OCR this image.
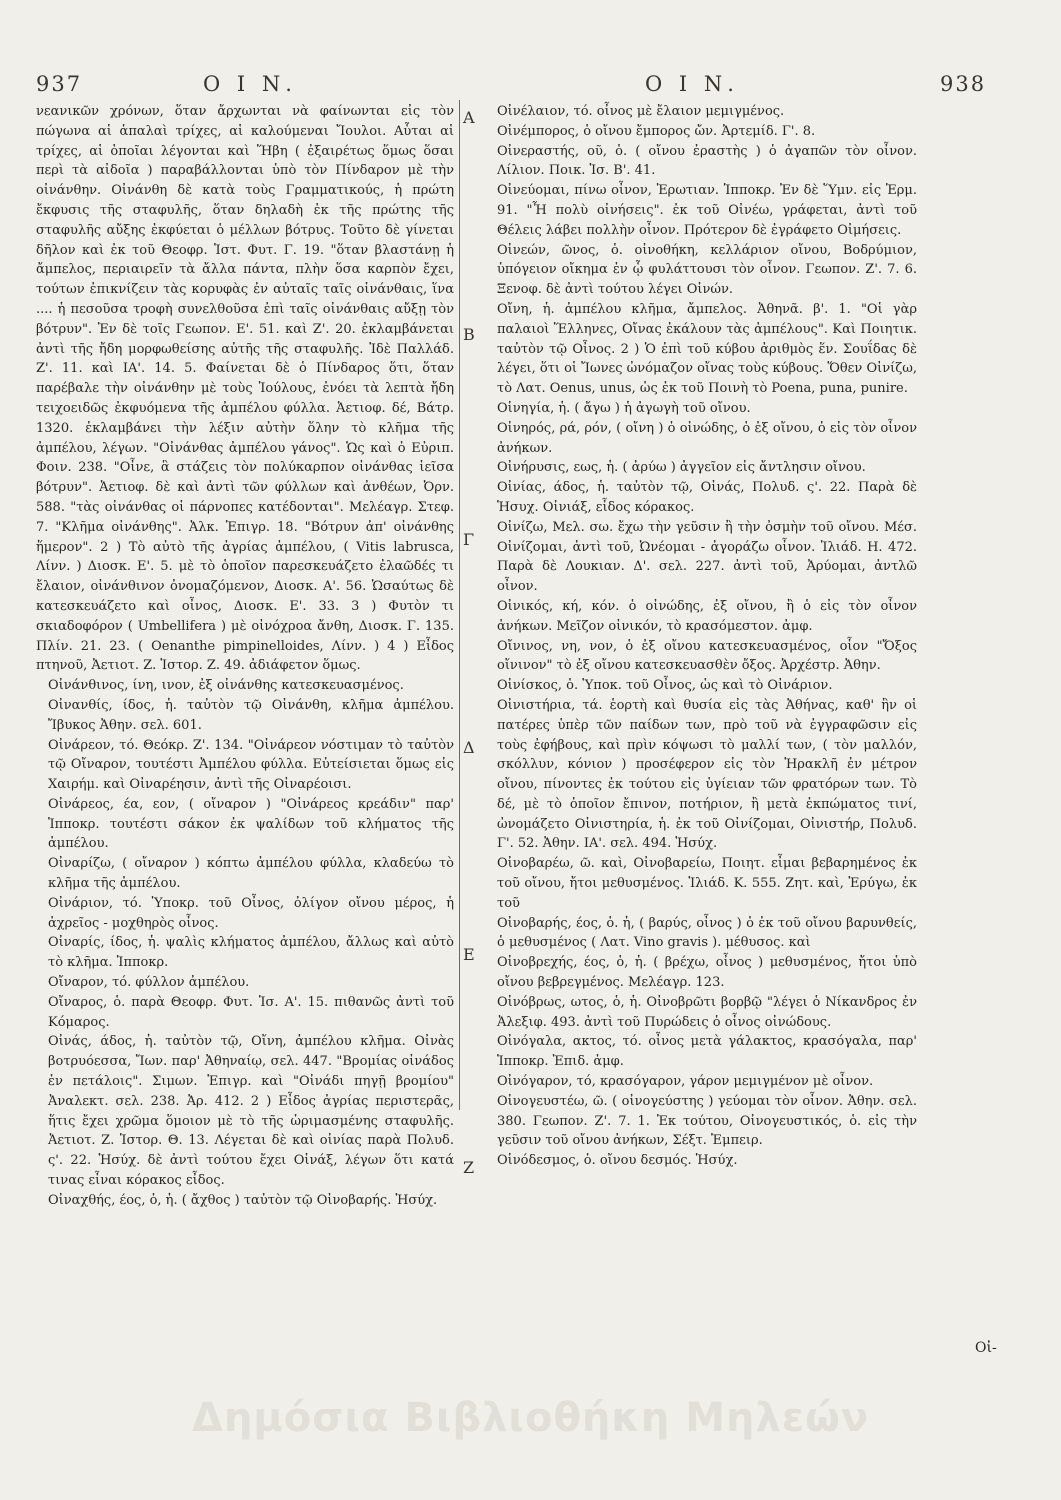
937	Ο Ι Ν.	Ο Ι Ν.	938

νεανικῶν χρόνων, ὅταν ἄρχωνται νὰ φαίνωνται εἰς τὸν πώγωνα αἱ ἁπαλαὶ τρίχες, αἱ καλούμεναι Ἴουλοι. Αὗται αἱ τρίχες, αἱ ὁποῖαι λέγονται καὶ Ἥβη ( ἐξαιρέτως ὅμως ὅσαι περὶ τὰ αἰδοῖα ) παραβάλλονται ὑπὸ τὸν Πίνδαρον μὲ τὴν οἰνάνθην. Οἰνάνθη δὲ κατὰ τοὺς Γραμματικούς, ἡ πρώτη ἔκφυσις τῆς σταφυλῆς, ὅταν δηλαδὴ ἐκ τῆς πρώτης τῆς σταφυλῆς αὔξης ἐκφύεται ὁ μέλλων βότρυς. Τοῦτο δὲ γίνεται δῆλον καὶ ἐκ τοῦ Θεοφρ. Ἱστ. Φυτ. Γ. 19. "ὅταν βλαστάνῃ ἡ ἄμπελος, περιαιρεῖν τὰ ἄλλα πάντα, πλὴν ὅσα καρπὸν ἔχει, τούτων ἐπικνίζειν τὰς κορυφὰς ἐν αὐταῖς ταῖς οἰνάνθαις, ἵνα .... ἡ πεσοῦσα τροφὴ συνελθοῦσα ἐπὶ ταῖς οἰνάνθαις αὔξῃ τὸν βότρυν". Ἐν δὲ τοῖς Γεωπον. Ε'. 51. καὶ Ζ'. 20. ἐκλαμβάνεται ἀντὶ τῆς ἤδη μορφωθείσης αὐτῆς τῆς σταφυλῆς. Ἰδὲ Παλλάδ. Ζ'. 11. καὶ ΙΑ'. 14. 5. Φαίνεται δὲ ὁ Πίνδαρος ὅτι, ὅταν παρέβαλε τὴν οἰνάνθην μὲ τοὺς Ἰούλους, ἐνόει τὰ λεπτὰ ἤδη τειχοειδῶς ἐκφυόμενα τῆς ἀμπέλου φύλλα. Ἀετιοφ. δέ, Βάτρ. 1320. ἐκλαμβάνει τὴν λέξιν αὐτὴν ὅλην τὸ κλῆμα τῆς ἀμπέλου, λέγων. "Οἰνάνθας ἀμπέλου γάνος". Ὡς καὶ ὁ Εὐριπ. Φοιν. 238. "Οἶνε, ἃ στάζεις τὸν πολύκαρπον οἰνάνθας ἱεῖσα βότρυν". Ἀετιοφ. δὲ καὶ ἀντὶ τῶν φύλλων καὶ ἀνθέων, Ὀρν. 588. "τὰς οἰνάνθας οἱ πάρνοπες κατέδονται". Μελέαγρ. Στεφ. 7. "Κλῆμα οἰνάνθης". Ἀλκ. Ἐπιγρ. 18. "Βότρυν ἀπ' οἰνάνθης ἥμερον". 2 ) Τὸ αὐτὸ τῆς ἀγρίας ἀμπέλου, ( Vitis labrusca, Λίνν. ) Διοσκ. Ε'. 5. μὲ τὸ ὁποῖον παρεσκευάζετο ἐλαῶδές τι ἔλαιον, οἰνάνθινον ὀνομαζόμενον, Διοσκ. Α'. 56. Ὡσαύτως δὲ κατεσκευάζετο καὶ οἶνος, Διοσκ. Ε'. 33. 3 ) Φυτὸν τι σκιαδοφόρον ( Umbellifera ) μὲ οἰνόχροα ἄνθη, Διοσκ. Γ. 135. Πλίν. 21. 23. ( Oenanthe pimpinelloides, Λίνν. ) 4 ) Εἶδος πτηνοῦ, Ἀετιοτ. Ζ. Ἱστορ. Ζ. 49. ἀδιάφετον ὅμως.

Οἰνάνθινος, ίνη, ινον, ἐξ οἰνάνθης κατεσκευασμένος.

Οἰνανθίς, ίδος, ἡ. ταὐτὸν τῷ Οἰνάνθη, κλῆμα ἀμπέλου. Ἴβυκος Ἀθην. σελ. 601.

Οἰνάρεον, τό. Θεόκρ. Ζ'. 134. "Οἰνάρεον νόστιμαν τὸ ταὐτὸν τῷ Οἴναρον, τουτέστι Ἀμπέλου φύλλα. Εὐτείσιεται ὅμως εἰς Χαιρήμ. καὶ Οἰναρέησιν, ἀντὶ τῆς Οἰναρέοισι.

Οἰνάρεος, έα, εον, ( οἴναρον ) "Οἰνάρεος κρεάδιν" παρ' Ἱπποκρ. τουτέστι σάκον ἐκ ψαλίδων τοῦ κλήματος τῆς ἀμπέλου.

Οἰναρίζω, ( οἴναρον ) κόπτω ἀμπέλου φύλλα, κλαδεύω τὸ κλῆμα τῆς ἀμπέλου.

Οἰνάριον, τό. Ὑποκρ. τοῦ Οἶνος, ὀλίγον οἴνου μέρος, ἡ ἀχρεῖος - μοχθηρὸς οἶνος.

Οἰναρίς, ίδος, ἡ. ψαλὶς κλήματος ἀμπέλου, ἄλλως καὶ αὐτὸ τὸ κλῆμα. Ἱπποκρ.

Οἴναρον, τό. φύλλον ἀμπέλου.

Οἴναρος, ὁ. παρὰ Θεοφρ. Φυτ. Ἱσ. Α'. 15. πιθανῶς ἀντὶ τοῦ Κόμαρος.

Οἰνάς, άδος, ἡ. ταὐτὸν τῷ, Οἴνη, ἀμπέλου κλῆμα. Οἰνὰς βοτρυόεσσα, Ἴων. παρ' Ἀθηναίῳ, σελ. 447. "Βρομίας οἰνάδος ἐν πετάλοις". Σιμων. Ἐπιγρ. καὶ "Οἰνάδι πηγῇ βρομίου" Ἀναλεκτ. σελ. 238. Ἀρ. 412. 2 ) Εἶδος ἀγρίας περιστερᾶς, ἥτις ἔχει χρῶμα ὅμοιον μὲ τὸ τῆς ὡριμασμένης σταφυλῆς. Ἀετιοτ. Ζ. Ἱστορ. Θ. 13. Λέγεται δὲ καὶ οἰνίας παρὰ Πολυδ. ς'. 22. Ἡσύχ. δὲ ἀντὶ τούτου ἔχει Οἰνάξ, λέγων ὅτι κατά τινας εἶναι κόρακος εἶδος.

Οἰναχθής, έος, ὁ, ἡ. ( ἄχθος ) ταὐτὸν τῷ Οἰνοβαρής. Ἡσύχ.

Α
Β
Γ
Δ
Ε
Ζ

Οἰνέλαιον, τό. οἶνος μὲ ἔλαιον μεμιγμένος.

Οἰνέμπορος, ὁ οἴνου ἔμπορος ὤν. Ἀρτεμίδ. Γ'. 8.

Οἰνεραστής, οῦ, ὁ. ( οἴνου ἐραστὴς ) ὁ ἀγαπῶν τὸν οἶνον. Λίλιον. Ποικ. Ἱσ. Β'. 41.

Οἰνεύομαι, πίνω οἶνον, Ἐρωτιαν. Ἱπποκρ. Ἐν δὲ Ὕμν. εἰς Ἑρμ. 91. "Ἦ πολὺ οἰνήσεις". ἐκ τοῦ Οἰνέω, γράφεται, ἀντὶ τοῦ Θέλεις λάβει πολλὴν οἶνον. Πρότερον δὲ ἐγράφετο Οἰμήσεις.

Οἰνεών, ῶνος, ὁ. οἰνοθήκη, κελλάριον οἴνου, Βοδρύμιον, ὑπόγειον οἴκημα ἐν ᾧ φυλάττουσι τὸν οἶνον. Γεωπον. Ζ'. 7. 6. Ξενοφ. δὲ ἀντὶ τούτου λέγει Οἰνών.

Οἴνη, ἡ. ἀμπέλου κλῆμα, ἄμπελος. Ἀθηνᾶ. β'. 1. "Οἱ γὰρ παλαιοὶ Ἕλληνες, Οἴνας ἐκάλουν τὰς ἀμπέλους". Καὶ Ποιητικ. ταὐτὸν τῷ Οἶνος. 2 ) Ὁ ἐπὶ τοῦ κύβου ἀριθμὸς ἕν. Σουΐδας δὲ λέγει, ὅτι οἱ Ἴωνες ὠνόμαζον οἴνας τοὺς κύβους. Ὅθεν Οἰνίζω, τὸ Λατ. Oenus, unus, ὡς ἐκ τοῦ Ποινὴ τὸ Poena, puna, punire.

Οἰνηγία, ἡ. ( ἄγω ) ἡ ἀγωγὴ τοῦ οἴνου.

Οἰνηρός, ρά, ρόν, ( οἴνη ) ὁ οἰνώδης, ὁ ἐξ οἴνου, ὁ εἰς τὸν οἶνον ἀνήκων.

Οἰνήρυσις, εως, ἡ. ( ἀρύω ) ἀγγεῖον εἰς ἄντλησιν οἴνου.

Οἰνίας, άδος, ἡ. ταὐτὸν τῷ, Οἰνάς, Πολυδ. ς'. 22. Παρὰ δὲ Ἡσυχ. Οἰνιάξ, εἶδος κόρακος.

Οἰνίζω, Μελ. σω. ἔχω τὴν γεῦσιν ἢ τὴν ὀσμὴν τοῦ οἴνου. Μέσ. Οἰνίζομαι, ἀντὶ τοῦ, Ὠνέομαι - ἀγοράζω οἶνον. Ἰλιάδ. Η. 472. Παρὰ δὲ Λουκιαν. Δ'. σελ. 227. ἀντὶ τοῦ, Ἀρύομαι, ἀντλῶ οἶνον.

Οἰνικός, κή, κόν. ὁ οἰνώδης, ἐξ οἴνου, ἢ ὁ εἰς τὸν οἶνον ἀνήκων. Μεῖζον οἰνικόν, τὸ κρασόμεστον. ἀμφ.

Οἴνινος, νη, νον, ὁ ἐξ οἴνου κατεσκευασμένος, οἷον "Ὄξος οἴνινον" τὸ ἐξ οἴνου κατεσκευασθὲν ὄξος. Ἀρχέστρ. Ἀθην.

Οἰνίσκος, ὁ. Ὑποκ. τοῦ Οἶνος, ὡς καὶ τὸ Οἰνάριον.

Οἰνιστήρια, τά. ἑορτὴ καὶ θυσία εἰς τὰς Ἀθήνας, καθ' ἣν οἱ πατέρες ὑπὲρ τῶν παίδων των, πρὸ τοῦ νὰ ἐγγραφῶσιν εἰς τοὺς ἐφήβους, καὶ πρὶν κόψωσι τὸ μαλλί των, ( τὸν μαλλόν, σκόλλυν, κόνιον ) προσέφερον εἰς τὸν Ἡρακλῆ ἐν μέτρον οἴνου, πίνοντες ἐκ τούτου εἰς ὑγίειαν τῶν φρατόρων των. Τὸ δέ, μὲ τὸ ὁποῖον ἔπινον, ποτήριον, ἢ μετὰ ἐκπώματος τινί, ὠνομάζετο Οἰνιστηρία, ἡ. ἐκ τοῦ Οἰνίζομαι, Οἰνιστήρ, Πολυδ. Γ'. 52. Ἀθην. ΙΑ'. σελ. 494. Ἡσύχ.

Οἰνοβαρέω, ῶ. καὶ, Οἰνοβαρείω, Ποιητ. εἶμαι βεβαρημένος ἐκ τοῦ οἴνου, ἤτοι μεθυσμένος. Ἰλιάδ. Κ. 555. Ζητ. καὶ, Ἐρύγω, ἐκ τοῦ

Οἰνοβαρής, έος, ὁ. ἡ, ( βαρύς, οἶνος ) ὁ ἐκ τοῦ οἴνου βαρυνθείς, ὁ μεθυσμένος ( Λατ. Vino gravis ). μέθυσος. καὶ

Οἰνοβρεχής, έος, ὁ, ἡ. ( βρέχω, οἶνος ) μεθυσμένος, ἤτοι ὑπὸ οἴνου βεβρεγμένος. Μελέαγρ. 123.

Οἰνόβρως, ωτος, ὁ, ἡ. Οἰνοβρῶτι βορβῷ "λέγει ὁ Νίκανδρος ἐν Ἀλεξιφ. 493. ἀντὶ τοῦ Πυρώδεις ὁ οἶνος οἰνώδους.

Οἰνόγαλα, ακτος, τό. οἶνος μετὰ γάλακτος, κρασόγαλα, παρ' Ἱπποκρ. Ἐπιδ. ἀμφ.

Οἰνόγαρον, τό, κρασόγαρον, γάρον μεμιγμένον μὲ οἶνον.

Οἰνογευστέω, ῶ. ( οἰνογεύστης ) γεύομαι τὸν οἶνον. Ἀθην. σελ. 380. Γεωπον. Ζ'. 7. 1. Ἐκ τούτου, Οἰνογευστικός, ὁ. εἰς τὴν γεῦσιν τοῦ οἴνου ἀνήκων, Σέξτ. Ἐμπειρ.

Οἰνόδεσμος, ὁ. οἴνου δεσμός. Ἡσύχ.

Οἰ-
Δημόσια Βιβλιοθήκη Μηλεών
